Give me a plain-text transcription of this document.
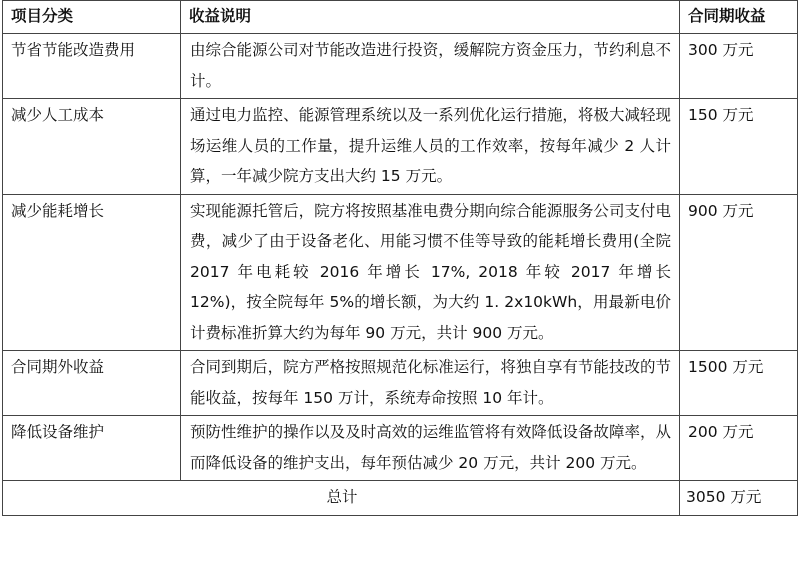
项目分类	收益说明	合同期收益
节省节能改造费用	由综合能源公司对节能改造进行投资，缓解院方资金压力，节约利息不计。	300 万元
减少人工成本	通过电力监控、能源管理系统以及一系列优化运行措施，将极大减轻现场运维人员的工作量，提升运维人员的工作效率，按每年减少 2 人计算，一年减少院方支出大约 15 万元。	150 万元
减少能耗增长	实现能源托管后，院方将按照基准电费分期向综合能源服务公司支付电费，减少了由于设备老化、用能习惯不佳等导致的能耗增长费用(全院 2017 年电耗较 2016 年增长 17%, 2018 年较 2017 年增长 12%)，按全院每年 5%的增长额，为大约 1. 2x10kWh，用最新电价计费标准折算大约为每年 90 万元，共计 900 万元。	900 万元
合同期外收益	合同到期后，院方严格按照规范化标准运行，将独自享有节能技改的节能收益，按每年 150 万计，系统寿命按照 10 年计。	1500 万元
降低设备维护	预防性维护的操作以及及时高效的运维监管将有效降低设备故障率，从而降低设备的维护支出，每年预估减少 20 万元，共计 200 万元。	200 万元
总计		3050 万元
